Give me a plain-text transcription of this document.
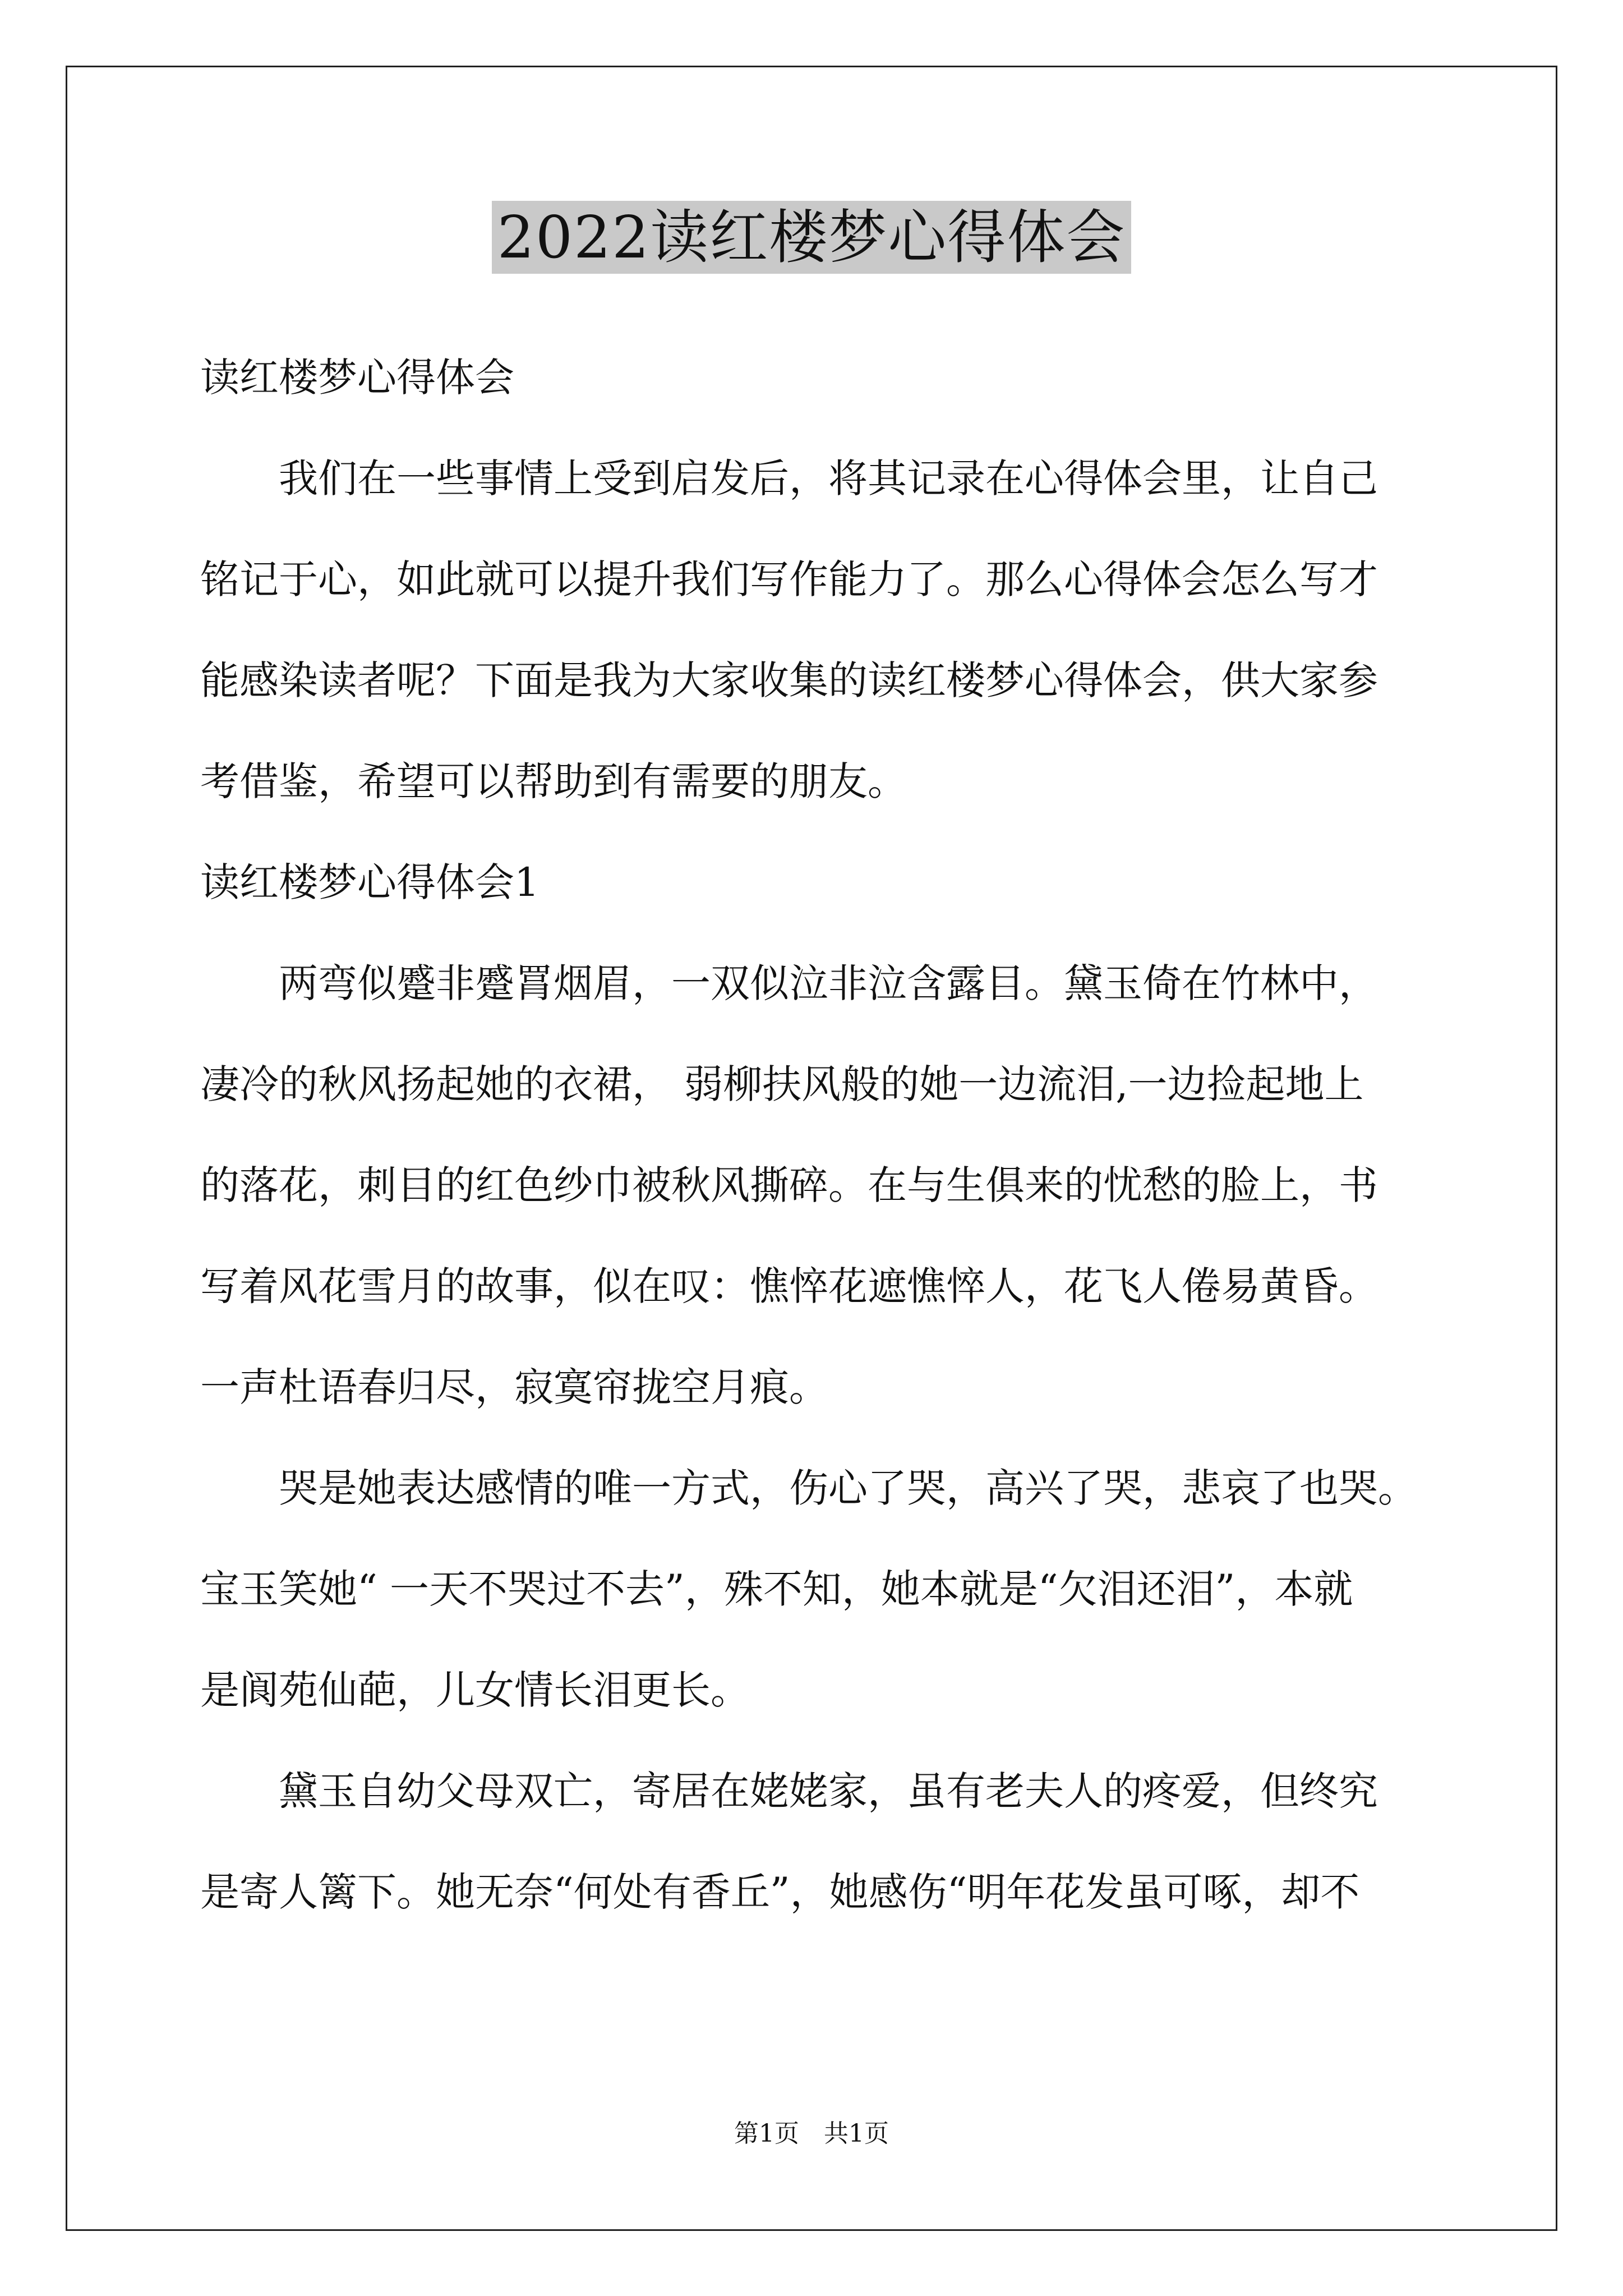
2022读红楼梦心得体会
读红楼梦心得体会
　　我们在一些事情上受到启发后，将其记录在心得体会里，让自己
铭记于心，如此就可以提升我们写作能力了。那么心得体会怎么写才
能感染读者呢？下面是我为大家收集的读红楼梦心得体会，供大家参
考借鉴，希望可以帮助到有需要的朋友。
读红楼梦心得体会1
　　两弯似蹙非蹙罥烟眉，一双似泣非泣含露目。黛玉倚在竹林中，
凄冷的秋风扬起她的衣裙， 弱柳扶风般的她一边流泪,一边捡起地上
的落花，刺目的红色纱巾被秋风撕碎。在与生俱来的忧愁的脸上，书
写着风花雪月的故事，似在叹：憔悴花遮憔悴人，花飞人倦易黄昏。
一声杜语春归尽，寂寞帘拢空月痕。
　　哭是她表达感情的唯一方式，伤心了哭，高兴了哭，悲哀了也哭。
宝玉笑她“ 一天不哭过不去”，殊不知，她本就是“欠泪还泪”，本就
是阆苑仙葩，儿女情长泪更长。
　　黛玉自幼父母双亡，寄居在姥姥家，虽有老夫人的疼爱，但终究
是寄人篱下。她无奈“何处有香丘”，她感伤“明年花发虽可啄，却不
第1页　共1页
